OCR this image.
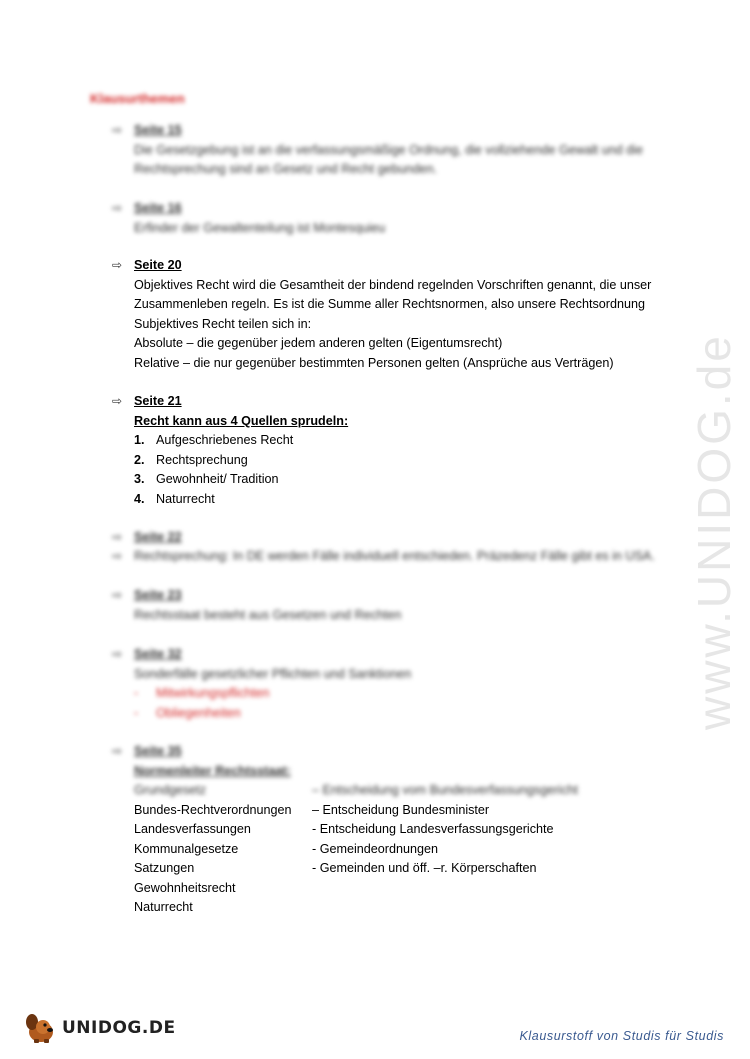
Klausurthemen
⇨ Seite 15
Die Gesetzgebung ist an die verfassungsmäßige Ordnung, die vollziehende Gewalt und die
Rechtsprechung sind an Gesetz und Recht gebunden.
⇨ Seite 16
Erfinder der Gewaltenteilung ist Montesquieu
⇨ Seite 20
Objektives Recht wird die Gesamtheit der bindend regelnden Vorschriften genannt, die unser
Zusammenleben regeln. Es ist die Summe aller Rechtsnormen, also unsere Rechtsordnung
Subjektives Recht teilen sich in:
Absolute – die gegenüber jedem anderen gelten (Eigentumsrecht)
Relative – die nur gegenüber bestimmten Personen gelten (Ansprüche aus Verträgen)
⇨ Seite 21
Recht kann aus 4 Quellen sprudeln:
1. Aufgeschriebenes Recht
2. Rechtsprechung
3. Gewohnheit/ Tradition
4. Naturrecht
⇨ Seite 22
⇨ Rechtsprechung: In DE werden Fälle individuell entschieden. Präzedenz Fälle gibt es in USA.
⇨ Seite 23
Rechtsstaat besteht aus Gesetzen und Rechten
⇨ Seite 32
Sonderfälle gesetzlicher Pflichten und Sanktionen
-	Mitwirkungspflichten
-	Obliegenheiten
⇨ Seite 35
Normenleiter Rechtsstaat:
Grundgesetz	– Entscheidung vom Bundesverfassungsgericht
Bundes-Rechtverordnungen	– Entscheidung Bundesminister
Landesverfassungen	- Entscheidung Landesverfassungsgerichte
Kommunalgesetze	- Gemeindeordnungen
Satzungen	- Gemeinden und öff. –r. Körperschaften
Gewohnheitsrecht	
Naturrecht	
www.UNIDOG.de
UNIDOG.DE	Klausurstoff von Studis für Studis
